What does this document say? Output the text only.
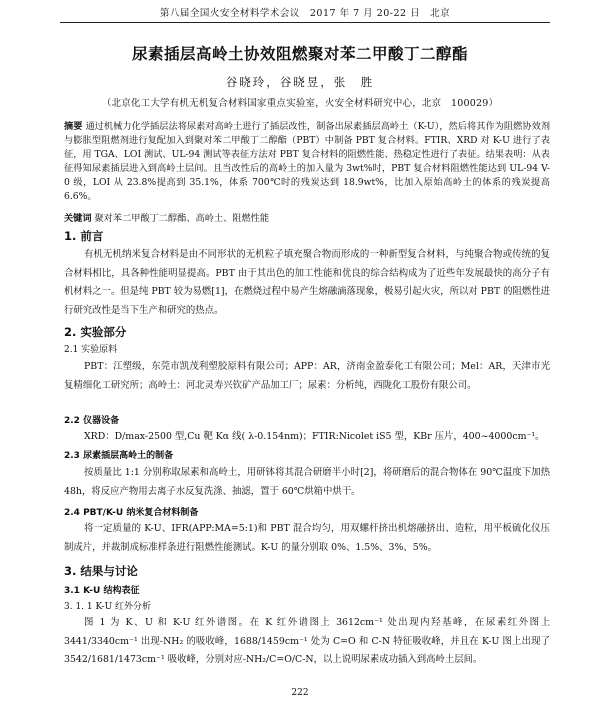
第八届全国火安全材料学术会议　2017 年 7 月 20-22 日　北京
尿素插层高岭土协效阻燃聚对苯二甲酸丁二醇酯
谷晓玲，谷晓昱，张　胜
（北京化工大学有机无机复合材料国家重点实验室，火安全材料研究中心，北京　100029）
摘要 通过机械力化学插层法将尿素对高岭土进行了插层改性，制备出尿素插层高岭土（K-U），然后将其作为阻燃协效剂与膨胀型阻燃剂进行复配加入到聚对苯二甲酸丁二醇酯（PBT）中制备 PBT 复合材料。FTIR、XRD 对 K-U 进行了表征，用 TGA、LOI 测试、UL-94 测试等表征方法对 PBT 复合材料的阻燃性能、热稳定性进行了表征。结果表明：从表征得知尿素插层进入到高岭土层间。且当改性后的高岭土的加入量为 3wt%时，PBT 复合材料阻燃性能达到 UL-94 V-0 级，LOI 从 23.8%提高到 35.1%，体系 700℃时的残炭达到 18.9wt%，比加入原始高岭土的体系的残炭提高 6.6%。
关键词 聚对苯二甲酸丁二醇酯、高岭土、阻燃性能
1. 前言
有机无机纳米复合材料是由不同形状的无机粒子填充聚合物而形成的一种新型复合材料，与纯聚合物或传统的复合材料相比，具各种性能明显提高。PBT 由于其出色的加工性能和优良的综合结构成为了近些年发展最快的高分子有机材料之一。但是纯 PBT 较为易燃[1]，在燃烧过程中易产生熔融滴落现象，极易引起火灾，所以对 PBT 的阻燃性进行研究改性是当下生产和研究的热点。
2. 实验部分
2.1 实验原料
PBT：江塑级，东莞市凯茂利塑胶原料有限公司；APP：AR，济南金盈泰化工有限公司；Mel：AR，天津市光复精细化工研究所；高岭土：河北灵寿兴钦矿产品加工厂；尿素：分析纯，西陇化工股份有限公司。
2.2 仪器设备
XRD：D/max-2500 型,Cu 靶 Kα 线( λ-0.154nm)；FTIR:Nicolet iS5 型，KBr 压片，400~4000cm⁻¹。
2.3 尿素插层高岭土的制备
按质量比 1:1 分别称取尿素和高岭土，用研钵将其混合研磨半小时[2]，将研磨后的混合物体在 90℃温度下加热 48h，将反应产物用去离子水反复洗涤、抽滤，置于 60℃烘箱中烘干。
2.4 PBT/K-U 纳米复合材料制备
将一定质量的 K-U、IFR(APP:MA=5:1)和 PBT 混合均匀，用双螺杆挤出机熔融挤出、造粒，用平板硫化仪压制成片，并裁制成标准样条进行阻燃性能测试。K-U 的量分别取 0%、1.5%、3%、5%。
3. 结果与讨论
3.1 K-U 结构表征
3. 1. 1 K-U 红外分析
图 1 为 K、U 和 K-U 红外谱图。在 K 红外谱图上 3612cm⁻¹ 处出现内羟基峰，在尿素红外图上 3441/3340cm⁻¹ 出现-NH₂ 的吸收峰，1688/1459cm⁻¹ 处为 C=O 和 C-N 特征吸收峰，并且在 K-U 图上出现了 3542/1681/1473cm⁻¹ 吸收峰，分别对应-NH₂/C=O/C-N，以上说明尿素成功插入到高岭土层间。
222
